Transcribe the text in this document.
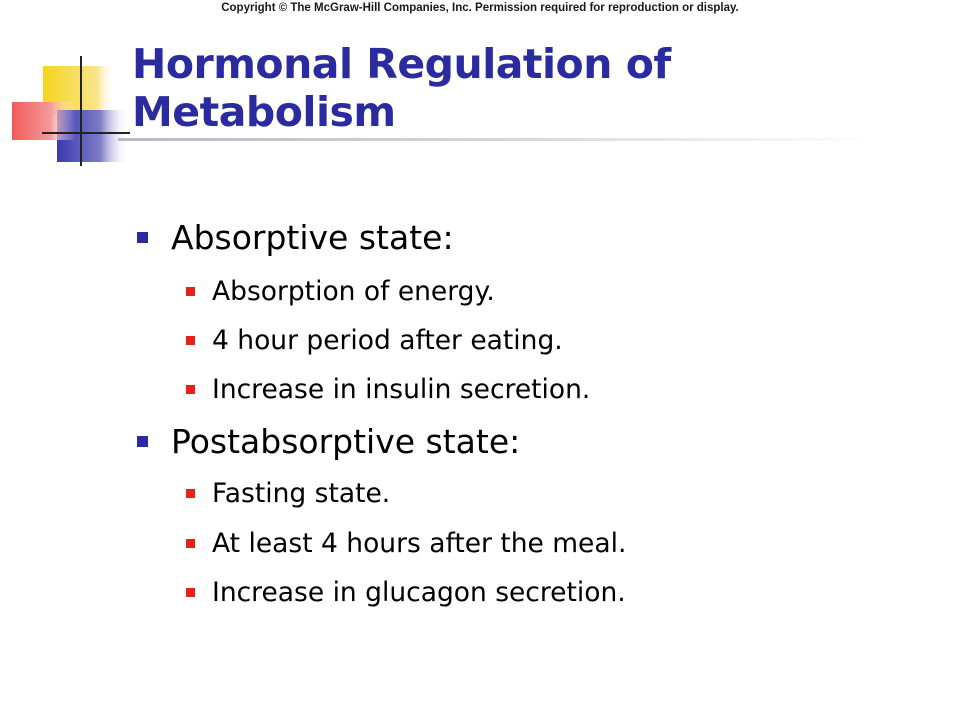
Copyright © The McGraw-Hill Companies, Inc. Permission required for reproduction or display.
Hormonal Regulation of Metabolism
Absorptive state:
Absorption of energy.
4 hour period after eating.
Increase in insulin secretion.
Postabsorptive state:
Fasting state.
At least 4 hours after the meal.
Increase in glucagon secretion.
